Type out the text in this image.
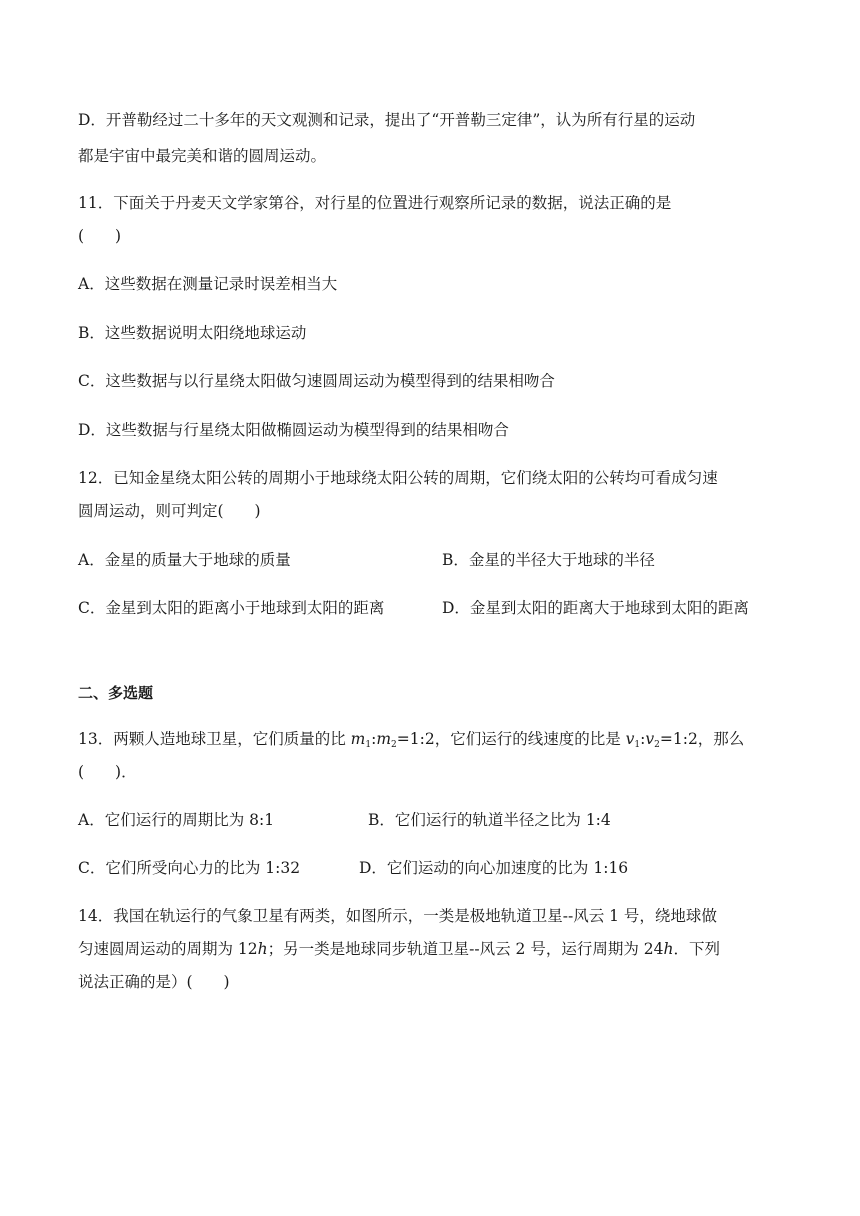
D．开普勒经过二十多年的天文观测和记录，提出了“开普勒三定律”，认为所有行星的运动
都是宇宙中最完美和谐的圆周运动。
11．下面关于丹麦天文学家第谷，对行星的位置进行观察所记录的数据，说法正确的是
(　　)
A．这些数据在测量记录时误差相当大
B．这些数据说明太阳绕地球运动
C．这些数据与以行星绕太阳做匀速圆周运动为模型得到的结果相吻合
D．这些数据与行星绕太阳做椭圆运动为模型得到的结果相吻合
12．已知金星绕太阳公转的周期小于地球绕太阳公转的周期，它们绕太阳的公转均可看成匀速
圆周运动，则可判定(　　)
A．金星的质量大于地球的质量	B．金星的半径大于地球的半径
C．金星到太阳的距离小于地球到太阳的距离	D．金星到太阳的距离大于地球到太阳的距离
二、多选题
13．两颗人造地球卫星，它们质量的比 $m_1:m_2=1:2$，它们运行的线速度的比是 $v_1:v_2=1:2$，那么
(　　)．
A．它们运行的周期比为 8:1	B．它们运行的轨道半径之比为 1:4
C．它们所受向心力的比为 1:32	D．它们运动的向心加速度的比为 1:16
14．我国在轨运行的气象卫星有两类，如图所示，一类是极地轨道卫星--风云 1 号，绕地球做
匀速圆周运动的周期为 12h；另一类是地球同步轨道卫星--风云 2 号，运行周期为 24h．下列
说法正确的是）(　　)
